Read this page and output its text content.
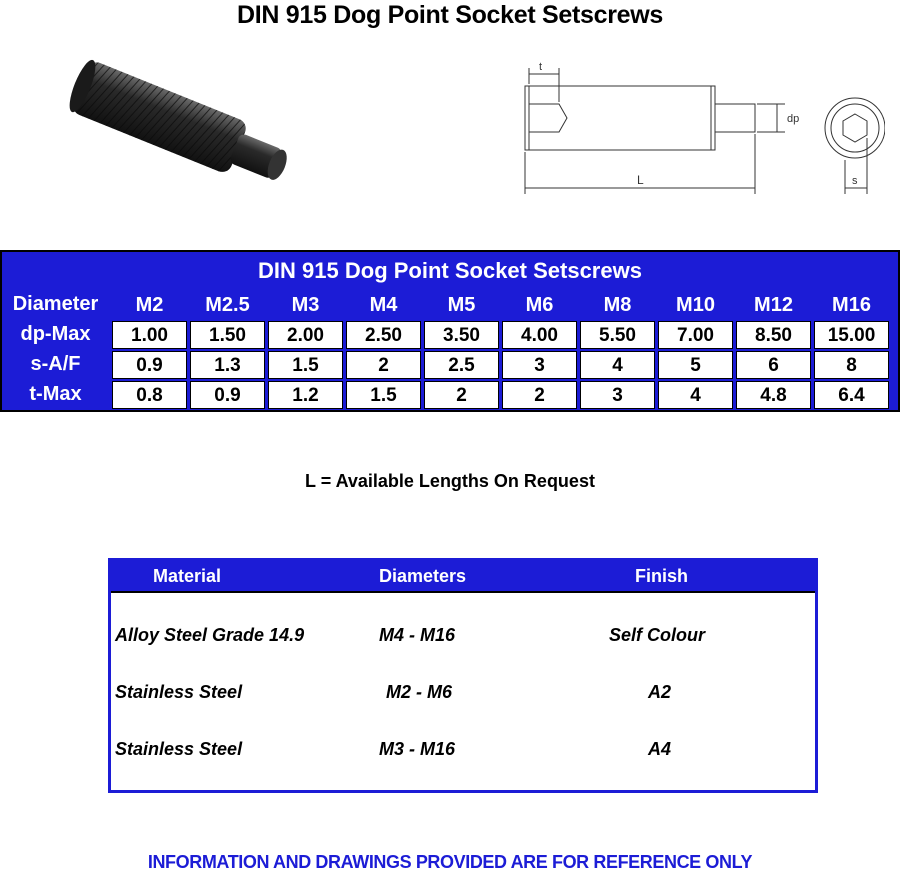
DIN 915 Dog Point Socket Setscrews
t
dp
L	s
DIN 915 Dog Point Socket Setscrews
Diameter	M2	M2.5	M3	M4	M5	M6	M8	M10	M12	M16
dp-Max	1.00	1.50	2.00	2.50	3.50	4.00	5.50	7.00	8.50	15.00
s-A/F	0.9	1.3	1.5	2	2.5	3	4	5	6	8
t-Max	0.8	0.9	1.2	1.5	2	2	3	4	4.8	6.4
L = Available Lengths On Request
Material	Diameters	Finish
Alloy Steel Grade 14.9	M4 - M16	Self Colour
Stainless Steel	M2 - M6	A2
Stainless Steel	M3 - M16	A4
INFORMATION AND DRAWINGS PROVIDED ARE FOR REFERENCE ONLY
